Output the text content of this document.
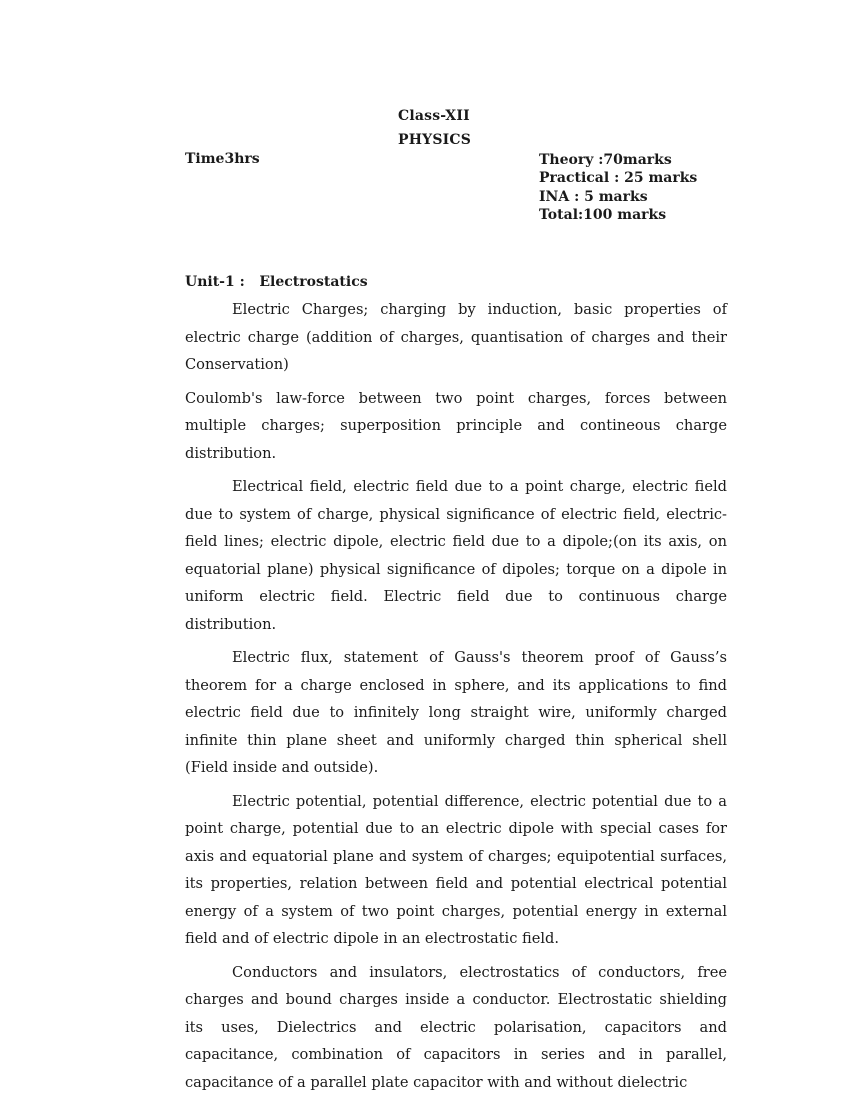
Class-XII
PHYSICS
Time3hrs	Theory :70marks
Practical : 25 marks
INA : 5 marks
Total:100 marks
Unit-1 :   Electrostatics

Electric Charges; charging by induction, basic properties of electric charge (addition of charges, quantisation of charges and their Conservation)

Coulomb's law-force between two point charges, forces between multiple charges; superposition principle and contineous charge distribution.

Electrical field, electric field due to a point charge, electric field due to system of charge, physical significance of electric field, electric-field lines; electric dipole, electric field due to a dipole;(on its axis, on equatorial plane) physical significance of dipoles; torque on a dipole in uniform electric field. Electric field due to continuous charge distribution.

Electric flux, statement of Gauss's theorem proof of Gauss’s theorem for a charge enclosed in sphere, and its applications to find electric field due to infinitely long straight wire, uniformly charged infinite thin plane sheet and uniformly charged thin spherical shell (Field inside and outside).

Electric potential, potential difference, electric potential due to a point charge, potential due to an electric dipole with special cases for axis and equatorial plane and system of charges; equipotential surfaces, its properties, relation between field and potential electrical potential energy of a system of two point charges, potential energy in external field and of electric dipole in an electrostatic field.

Conductors and insulators, electrostatics of conductors, free charges and bound charges inside a conductor. Electrostatic shielding its uses, Dielectrics and electric polarisation, capacitors and capacitance, combination of capacitors in series and in parallel, capacitance of a parallel plate capacitor with and without dielectric
